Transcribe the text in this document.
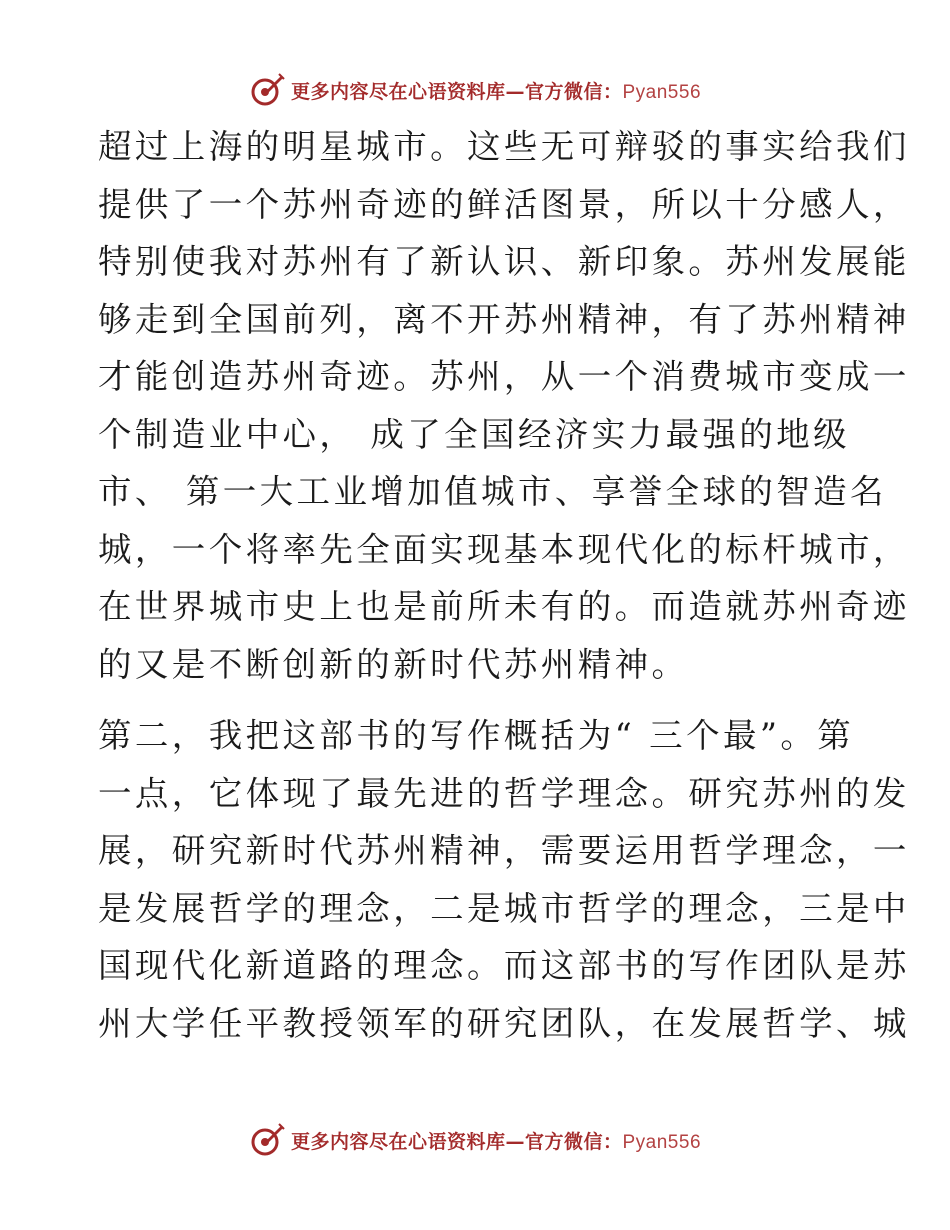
更多内容尽在心语资料库—官方微信：Pyan556

超过上海的明星城市。这些无可辩驳的事实给我们
提供了一个苏州奇迹的鲜活图景，所以十分感人，
特别使我对苏州有了新认识、新印象。苏州发展能
够走到全国前列，离不开苏州精神，有了苏州精神
才能创造苏州奇迹。苏州，从一个消费城市变成一
个制造业中心， 成了全国经济实力最强的地级
市、 第一大工业增加值城市、享誉全球的智造名
城，一个将率先全面实现基本现代化的标杆城市，
在世界城市史上也是前所未有的。而造就苏州奇迹
的又是不断创新的新时代苏州精神。

第二，我把这部书的写作概括为“ 三个最”。第
一点，它体现了最先进的哲学理念。研究苏州的发
展，研究新时代苏州精神，需要运用哲学理念，一
是发展哲学的理念，二是城市哲学的理念，三是中
国现代化新道路的理念。而这部书的写作团队是苏
州大学任平教授领军的研究团队，在发展哲学、城

更多内容尽在心语资料库—官方微信：Pyan556
